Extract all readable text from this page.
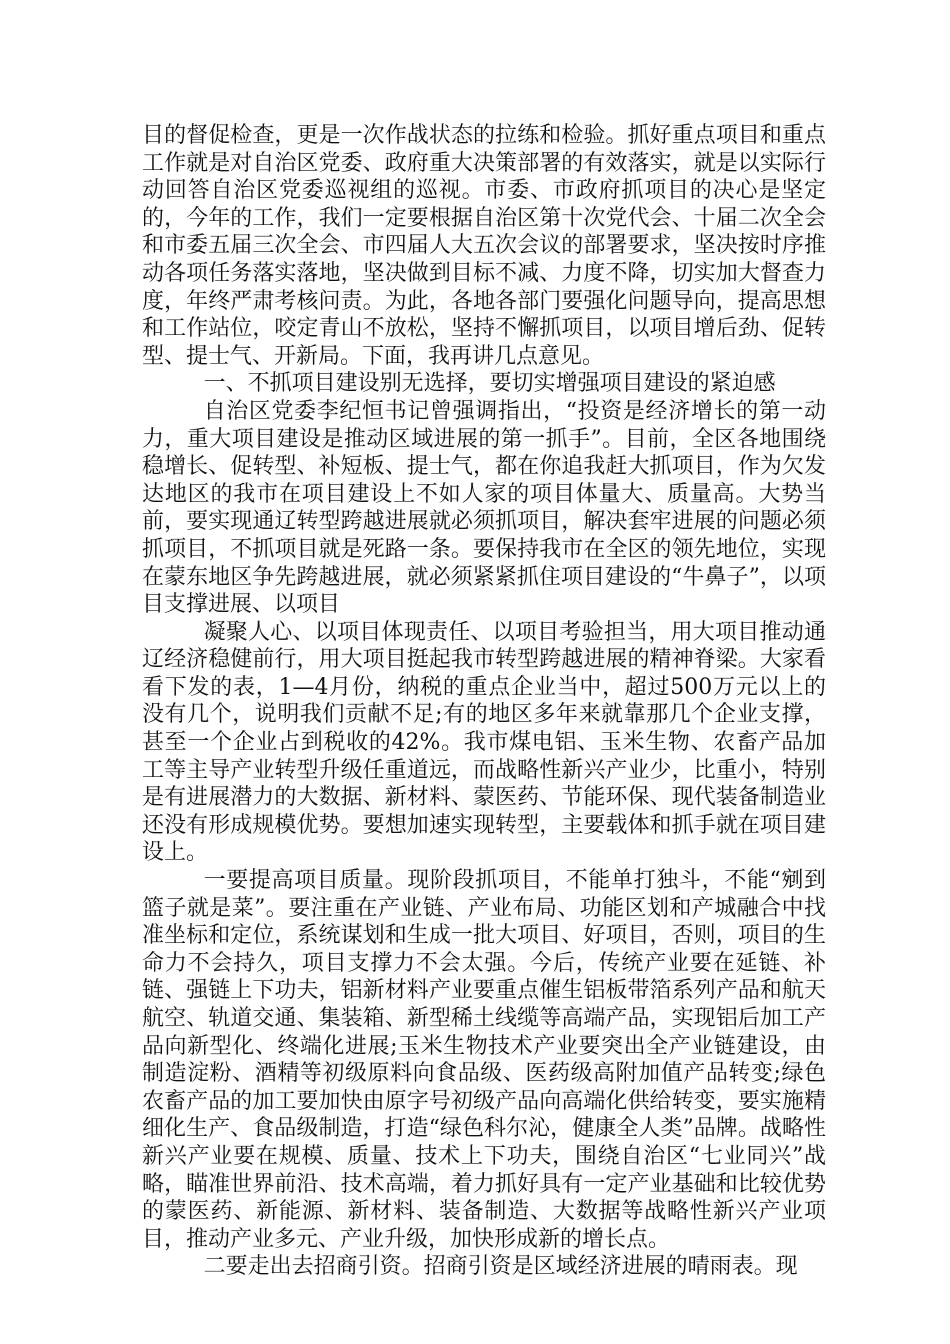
目的督促检查，更是一次作战状态的拉练和检验。抓好重点项目和重点工作就是对自治区党委、政府重大决策部署的有效落实，就是以实际行动回答自治区党委巡视组的巡视。市委、市政府抓项目的决心是坚定的，今年的工作，我们一定要根据自治区第十次党代会、十届二次全会和市委五届三次全会、市四届人大五次会议的部署要求，坚决按时序推动各项任务落实落地，坚决做到目标不减、力度不降，切实加大督查力度，年终严肃考核问责。为此，各地各部门要强化问题导向，提高思想和工作站位，咬定青山不放松，坚持不懈抓项目，以项目增后劲、促转型、提士气、开新局。下面，我再讲几点意见。

一、不抓项目建设别无选择，要切实增强项目建设的紧迫感

自治区党委李纪恒书记曾强调指出，“投资是经济增长的第一动力，重大项目建设是推动区域进展的第一抓手”。目前，全区各地围绕稳增长、促转型、补短板、提士气，都在你追我赶大抓项目，作为欠发达地区的我市在项目建设上不如人家的项目体量大、质量高。大势当前，要实现通辽转型跨越进展就必须抓项目，解决套牢进展的问题必须抓项目，不抓项目就是死路一条。要保持我市在全区的领先地位，实现在蒙东地区争先跨越进展，就必须紧紧抓住项目建设的“牛鼻子”，以项目支撑进展、以项目

凝聚人心、以项目体现责任、以项目考验担当，用大项目推动通辽经济稳健前行，用大项目挺起我市转型跨越进展的精神脊梁。大家看看下发的表，1—4月份，纳税的重点企业当中，超过500万元以上的没有几个，说明我们贡献不足;有的地区多年来就靠那几个企业支撑，甚至一个企业占到税收的42%。我市煤电铝、玉米生物、农畜产品加工等主导产业转型升级任重道远，而战略性新兴产业少，比重小，特别是有进展潜力的大数据、新材料、蒙医药、节能环保、现代装备制造业还没有形成规模优势。要想加速实现转型，主要载体和抓手就在项目建设上。

一要提高项目质量。现阶段抓项目，不能单打独斗，不能“剜到篮子就是菜”。要注重在产业链、产业布局、功能区划和产城融合中找准坐标和定位，系统谋划和生成一批大项目、好项目，否则，项目的生命力不会持久，项目支撑力不会太强。今后，传统产业要在延链、补链、强链上下功夫，铝新材料产业要重点催生铝板带箔系列产品和航天航空、轨道交通、集装箱、新型稀土线缆等高端产品，实现铝后加工产品向新型化、终端化进展;玉米生物技术产业要突出全产业链建设，由制造淀粉、酒精等初级原料向食品级、医药级高附加值产品转变;绿色农畜产品的加工要加快由原字号初级产品向高端化供给转变，要实施精细化生产、食品级制造，打造“绿色科尔沁，健康全人类”品牌。战略性新兴产业要在规模、质量、技术上下功夫，围绕自治区“七业同兴”战略，瞄准世界前沿、技术高端，着力抓好具有一定产业基础和比较优势的蒙医药、新能源、新材料、装备制造、大数据等战略性新兴产业项目，推动产业多元、产业升级，加快形成新的增长点。

二要走出去招商引资。招商引资是区域经济进展的晴雨表。现
